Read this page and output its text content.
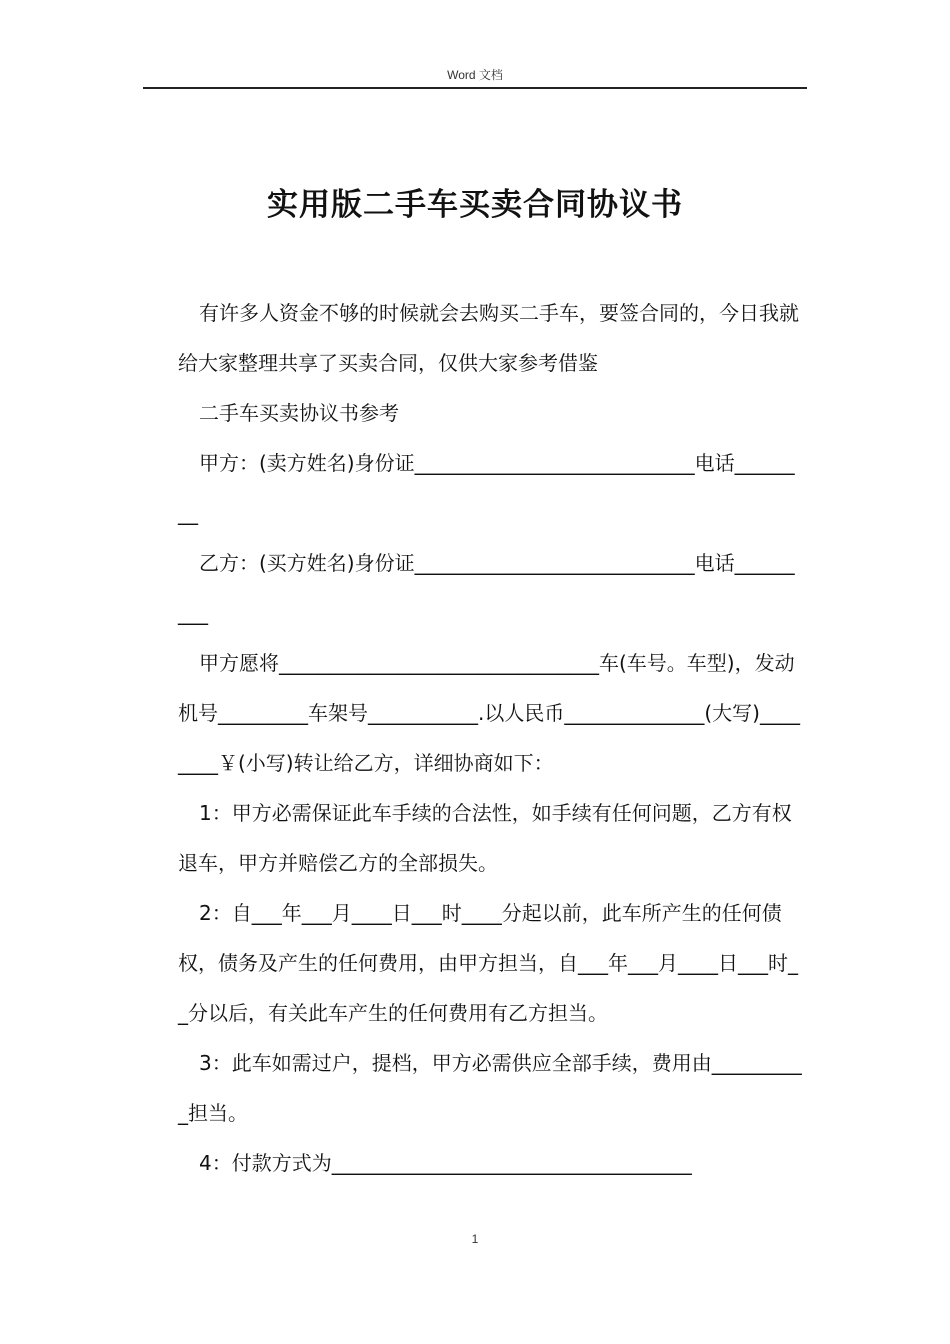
Word 文档
实用版二手车买卖合同协议书

有许多人资金不够的时候就会去购买二手车，要签合同的，今日我就给大家整理共享了买卖合同，仅供大家参考借鉴

二手车买卖协议书参考

甲方：(卖方姓名)身份证____________________________电话________

乙方：(买方姓名)身份证____________________________电话_________

甲方愿将________________________________车(车号。车型)，发动机号_________车架号___________.以人民币______________(大写)________￥(小写)转让给乙方，详细协商如下：

1：甲方必需保证此车手续的合法性，如手续有任何问题，乙方有权退车，甲方并赔偿乙方的全部损失。

2：自___年___月____日___时____分起以前，此车所产生的任何债权，债务及产生的任何费用，由甲方担当，自___年___月____日___时__分以后，有关此车产生的任何费用有乙方担当。

3：此车如需过户，提档，甲方必需供应全部手续，费用由__________担当。

4：付款方式为____________________________________

1
